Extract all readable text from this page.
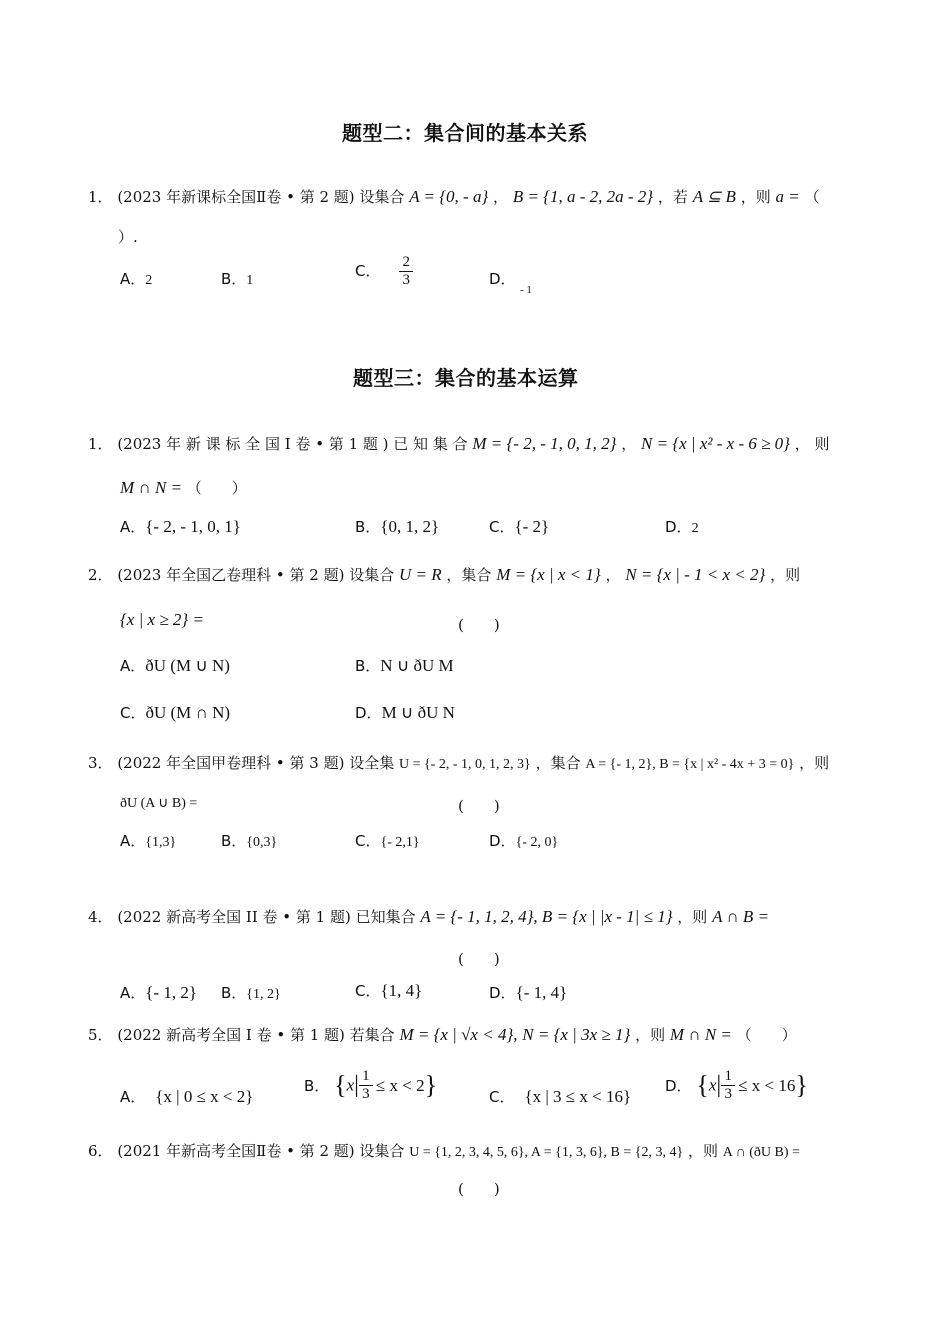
题型二：集合间的基本关系
1． (2023 年新课标全国Ⅱ卷 • 第 2 题) 设集合 A = {0, - a} ， B = {1, a - 2, 2a - 2} ，若 A ⊆ B ，则 a = （
）.
A．2	B．1
C． $\frac{2}{3}$	D．
- 1
题型三：集合的基本运算
1． (2023 年 新 课 标 全 国 Ⅰ 卷 • 第 1 题 ) 已 知 集 合 M = {- 2, - 1, 0, 1, 2} ， N = {x | x² - x - 6 ≥ 0} ， 则
M ∩ N = （　　）
A．{- 2, - 1, 0, 1}	B．{0, 1, 2}	C．{- 2}	D．2
2． (2023 年全国乙卷理科 • 第 2 题) 设集合 U = R ，集合 M = {x | x < 1} ， N = {x | - 1 < x < 2} ，则
{x | x ≥ 2} =	(　　)
A．ðU (M ∪ N)	B．N ∪ ðU M
C．ðU (M ∩ N)	D．M ∪ ðU N
3． (2022 年全国甲卷理科 • 第 3 题) 设全集 U = {- 2, - 1, 0, 1, 2, 3} ，集合 A = {- 1, 2}, B = {x | x² - 4x + 3 = 0} ，则
ðU (A ∪ B) =	(　　)
A．{1,3}	B．{0,3}	C．{- 2,1}	D．{- 2, 0}
4． (2022 新高考全国 II 卷 • 第 1 题) 已知集合 A = {- 1, 1, 2, 4}, B = {x | |x - 1| ≤ 1} ，则 A ∩ B =
(　　)
A．{- 1, 2} B．{1, 2}	C．{1, 4}	D．{- 1, 4}
5． (2022 新高考全国 I 卷 • 第 1 题) 若集合 M = {x | √x < 4}, N = {x | 3x ≥ 1} ，则 M ∩ N = （　　）
A． {x | 0 ≤ x < 2}
B． $\{x| \frac{1}{3} \le x < 2\}$	C． {x | 3 ≤ x < 16}
D． $\{x| \frac{1}{3} \le x < 16\}$
6． (2021 年新高考全国Ⅱ卷 • 第 2 题) 设集合 U = {1, 2, 3, 4, 5, 6}, A = {1, 3, 6}, B = {2, 3, 4} ，则 A ∩ (ðU B) =
(　　)
